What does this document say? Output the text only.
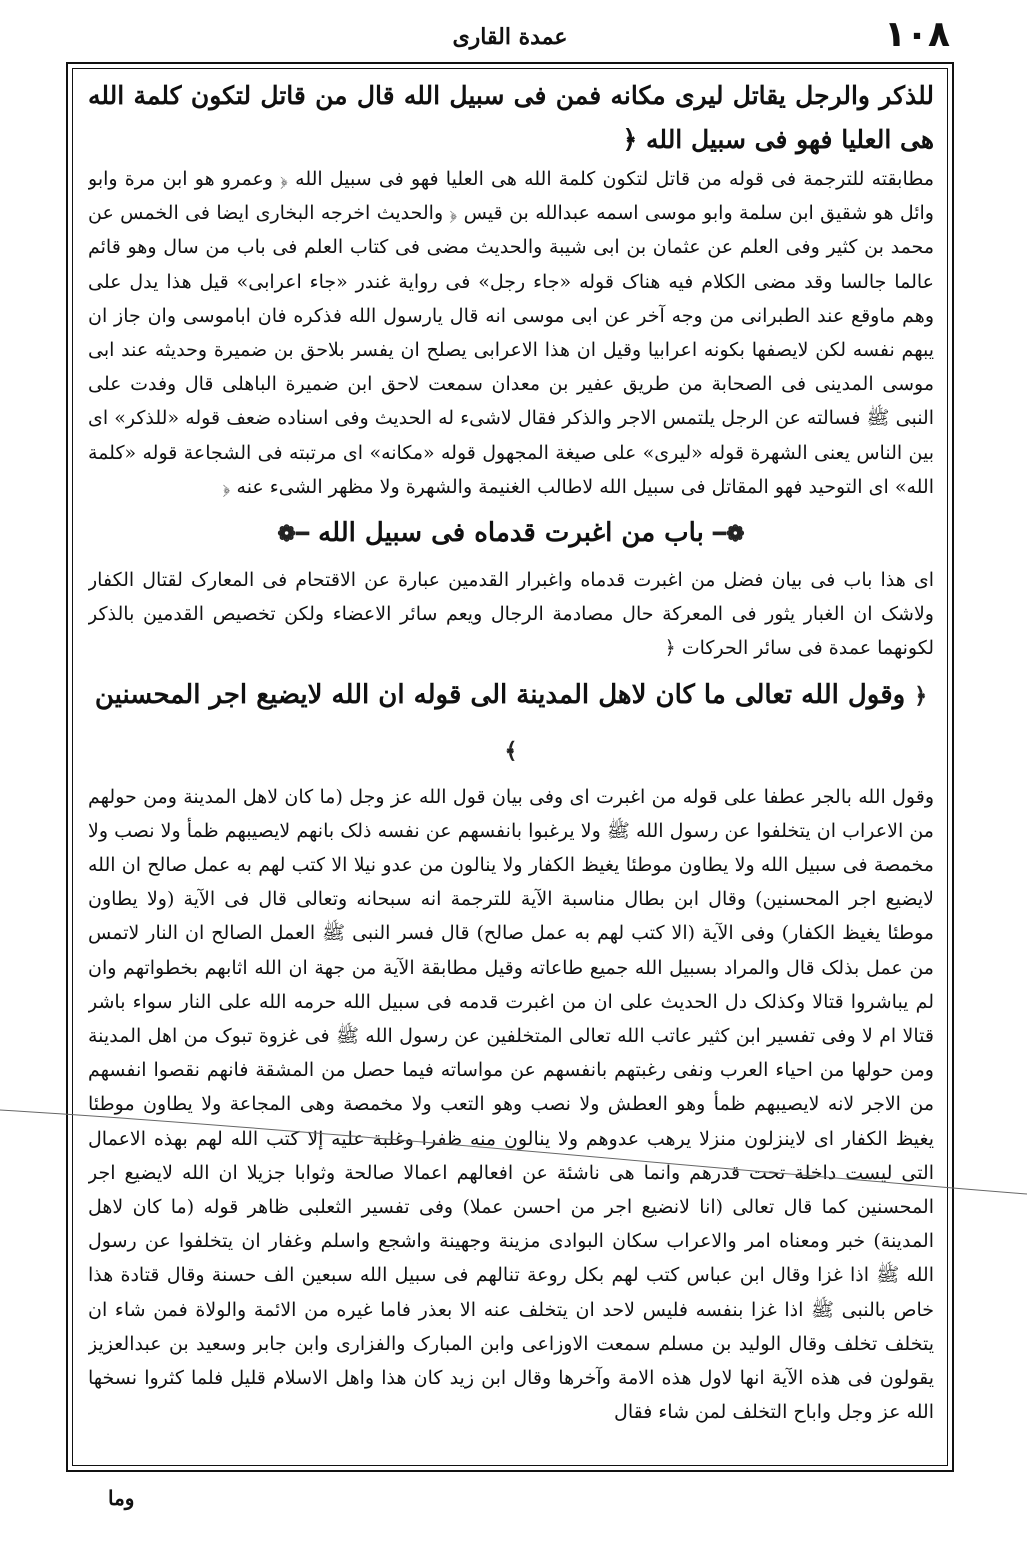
١٠٨
عمدة القاری

للذکر والرجل یقاتل لیری مکانه فمن فی سبیل الله قال من قاتل لتکون کلمة الله هی العلیا فهو فی سبیل الله ﴿

مطابقته للترجمة فی قوله من قاتل لتکون کلمة الله هی العلیا فهو فی سبیل الله ﴿ وعمرو هو ابن مرة وابو وائل هو شقیق ابن سلمة وابو موسی اسمه عبدالله بن قیس ﴿ والحدیث اخرجه البخاری ایضا فی الخمس عن محمد بن کثیر وفی العلم عن عثمان بن ابی شیبة والحدیث مضی فی کتاب العلم فی باب من سال وهو قائم عالما جالسا وقد مضی الکلام فیه هناک قوله «جاء رجل» فی روایة غندر «جاء اعرابی» قیل هذا یدل علی وهم ماوقع عند الطبرانی من وجه آخر عن ابی موسی انه قال یارسول الله فذکره فان اباموسی وان جاز ان یبهم نفسه لکن لایصفها بکونه اعرابیا وقیل ان هذا الاعرابی یصلح ان یفسر بلاحق بن ضمیرة وحدیثه عند ابی موسی المدینی فی الصحابة من طریق عفیر بن معدان سمعت لاحق ابن ضمیرة الباهلی قال وفدت علی النبی ﷺ فسالته عن الرجل یلتمس الاجر والذکر فقال لاشیء له الحدیث وفی اسناده ضعف قوله «للذکر» ای بین الناس یعنی الشهرة قوله «لیری» علی صیغة المجهول قوله «مکانه» ای مرتبته فی الشجاعة قوله «کلمة الله» ای التوحید فهو المقاتل فی سبیل الله لاطالب الغنیمة والشهرة ولا مظهر الشیء عنه ﴿

❁━ باب من اغبرت قدماه فی سبیل الله ━❁

ای هذا باب فی بیان فضل من اغبرت قدماه واغبرار القدمین عبارة عن الاقتحام فی المعارک لقتال الکفار ولاشک ان الغبار یثور فی المعرکة حال مصادمة الرجال ویعم سائر الاعضاء ولکن تخصیص القدمین بالذکر لکونهما عمدة فی سائر الحرکات ﴿

﴿ وقول الله تعالی ما کان لاهل المدینة الی قوله ان الله لایضیع اجر المحسنین ﴾

وقول الله بالجر عطفا علی قوله من اغبرت ای وفی بیان قول الله عز وجل (ما کان لاهل المدینة ومن حولهم من الاعراب ان یتخلفوا عن رسول الله ﷺ ولا یرغبوا بانفسهم عن نفسه ذلک بانهم لایصیبهم ظمأ ولا نصب ولا مخمصة فی سبیل الله ولا یطاون موطئا یغیظ الکفار ولا ینالون من عدو نیلا الا کتب لهم به عمل صالح ان الله لایضیع اجر المحسنین) وقال ابن بطال مناسبة الآیة للترجمة انه سبحانه وتعالی قال فی الآیة (ولا یطاون موطئا یغیظ الکفار) وفی الآیة (الا کتب لهم به عمل صالح) قال فسر النبی ﷺ العمل الصالح ان النار لاتمس من عمل بذلک قال والمراد بسبیل الله جمیع طاعاته وقیل مطابقة الآیة من جهة ان الله اثابهم بخطواتهم وان لم یباشروا قتالا وکذلک دل الحدیث علی ان من اغبرت قدمه فی سبیل الله حرمه الله علی النار سواء باشر قتالا ام لا وفی تفسیر ابن کثیر عاتب الله تعالی المتخلفین عن رسول الله ﷺ فی غزوة تبوک من اهل المدینة ومن حولها من احیاء العرب ونفی رغبتهم بانفسهم عن مواساته فیما حصل من المشقة فانهم نقصوا انفسهم من الاجر لانه لایصیبهم ظمأ وهو العطش ولا نصب وهو التعب ولا مخمصة وهی المجاعة ولا یطاون موطئا یغیظ الکفار ای لاینزلون منزلا یرهب عدوهم ولا ینالون منه ظفرا وغلبة علیه إلا کتب الله لهم بهذه الاعمال التی لیست داخلة تحت قدرهم وانما هی ناشئة عن افعالهم اعمالا صالحة وثوابا جزیلا ان الله لایضیع اجر المحسنین کما قال تعالی (انا لانضیع اجر من احسن عملا) وفی تفسیر الثعلبی ظاهر قوله (ما کان لاهل المدینة) خبر ومعناه امر والاعراب سکان البوادی مزینة وجهینة واشجع واسلم وغفار ان یتخلفوا عن رسول الله ﷺ اذا غزا وقال ابن عباس کتب لهم بکل روعة تنالهم فی سبیل الله سبعین الف حسنة وقال قتادة هذا خاص بالنبی ﷺ اذا غزا بنفسه فلیس لاحد ان یتخلف عنه الا بعذر فاما غیره من الائمة والولاة فمن شاء ان یتخلف تخلف وقال الولید بن مسلم سمعت الاوزاعی وابن المبارک والفزاری وابن جابر وسعید بن عبدالعزیز یقولون فی هذه الآیة انها لاول هذه الامة وآخرها وقال ابن زید کان هذا واهل الاسلام قلیل فلما کثروا نسخها الله عز وجل واباح التخلف لمن شاء فقال

وما
